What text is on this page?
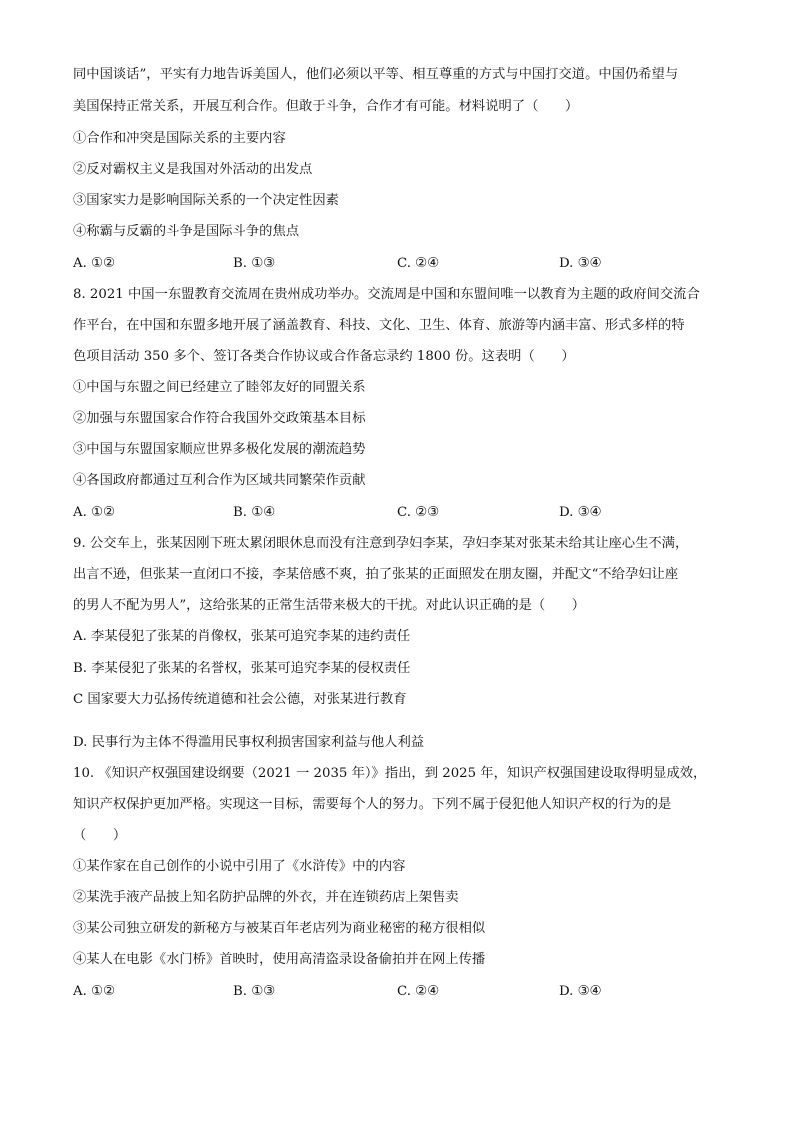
同中国谈话”，平实有力地告诉美国人，他们必须以平等、相互尊重的方式与中国打交道。中国仍希望与
美国保持正常关系，开展互利合作。但敢于斗争，合作才有可能。材料说明了（　　）
①合作和冲突是国际关系的主要内容
②反对霸权主义是我国对外活动的出发点
③国家实力是影响国际关系的一个决定性因素
④称霸与反霸的斗争是国际斗争的焦点
A. ①②	B. ①③	C. ②④	D. ③④
8. 2021 中国一东盟教育交流周在贵州成功举办。交流周是中国和东盟间唯一以教育为主题的政府间交流合
作平台，在中国和东盟多地开展了涵盖教育、科技、文化、卫生、体育、旅游等内涵丰富、形式多样的特
色项目活动 350 多个、签订各类合作协议或合作备忘录约 1800 份。这表明（　　）
①中国与东盟之间已经建立了睦邻友好的同盟关系
②加强与东盟国家合作符合我国外交政策基本目标
③中国与东盟国家顺应世界多极化发展的潮流趋势
④各国政府都通过互利合作为区域共同繁荣作贡献
A. ①②	B. ①④	C. ②③	D. ③④
9. 公交车上，张某因刚下班太累闭眼休息而没有注意到孕妇李某，孕妇李某对张某未给其让座心生不满，
出言不逊，但张某一直闭口不接，李某倍感不爽，拍了张某的正面照发在朋友圈，并配文“不给孕妇让座
的男人不配为男人”，这给张某的正常生活带来极大的干扰。对此认识正确的是（　　）
A. 李某侵犯了张某的肖像权，张某可追究李某的违约责任
B. 李某侵犯了张某的名誉权，张某可追究李某的侵权责任
C 国家要大力弘扬传统道德和社会公德，对张某进行教育
D. 民事行为主体不得滥用民事权利损害国家利益与他人利益
10. 《知识产权强国建设纲要（2021 一 2035 年）》指出，到 2025 年，知识产权强国建设取得明显成效，
知识产权保护更加严格。实现这一目标，需要每个人的努力。下列不属于侵犯他人知识产权的行为的是
（　　）
①某作家在自己创作的小说中引用了《水浒传》中的内容
②某洗手液产品披上知名防护品牌的外衣，并在连锁药店上架售卖
③某公司独立研发的新秘方与被某百年老店列为商业秘密的秘方很相似
④某人在电影《水门桥》首映时，使用高清盗录设备偷拍并在网上传播
A. ①②	B. ①③	C. ②④	D. ③④
